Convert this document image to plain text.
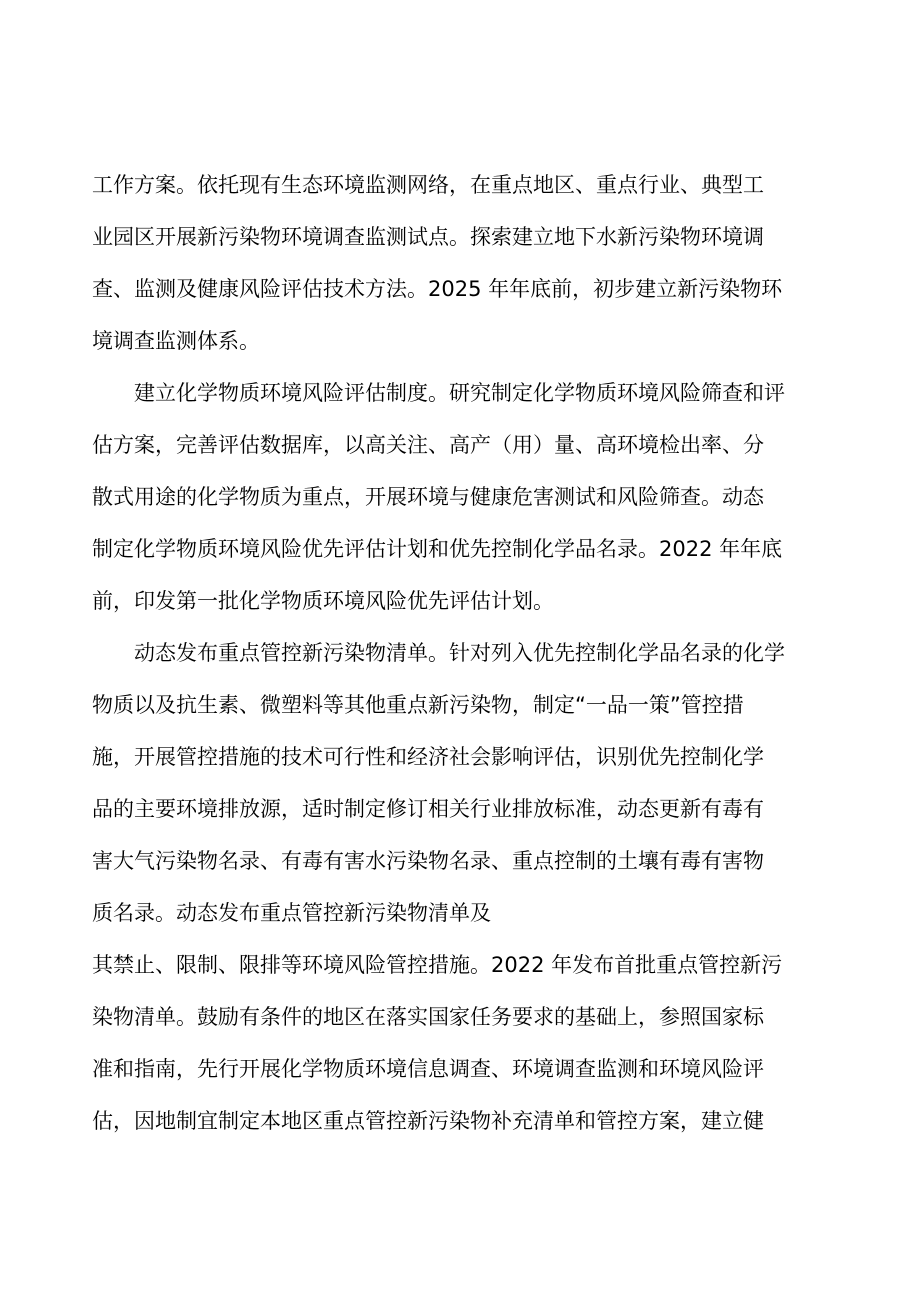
工作方案。依托现有生态环境监测网络，在重点地区、重点行业、典型工
业园区开展新污染物环境调查监测试点。探索建立地下水新污染物环境调
查、监测及健康风险评估技术方法。2025 年年底前，初步建立新污染物环
境调查监测体系。
建立化学物质环境风险评估制度。研究制定化学物质环境风险筛查和评
估方案，完善评估数据库，以高关注、高产（用）量、高环境检出率、分
散式用途的化学物质为重点，开展环境与健康危害测试和风险筛查。动态
制定化学物质环境风险优先评估计划和优先控制化学品名录。2022 年年底
前，印发第一批化学物质环境风险优先评估计划。
动态发布重点管控新污染物清单。针对列入优先控制化学品名录的化学
物质以及抗生素、微塑料等其他重点新污染物，制定“一品一策”管控措
施，开展管控措施的技术可行性和经济社会影响评估，识别优先控制化学
品的主要环境排放源，适时制定修订相关行业排放标准，动态更新有毒有
害大气污染物名录、有毒有害水污染物名录、重点控制的土壤有毒有害物
质名录。动态发布重点管控新污染物清单及
其禁止、限制、限排等环境风险管控措施。2022 年发布首批重点管控新污
染物清单。鼓励有条件的地区在落实国家任务要求的基础上，参照国家标
准和指南，先行开展化学物质环境信息调查、环境调查监测和环境风险评
估，因地制宜制定本地区重点管控新污染物补充清单和管控方案，建立健
